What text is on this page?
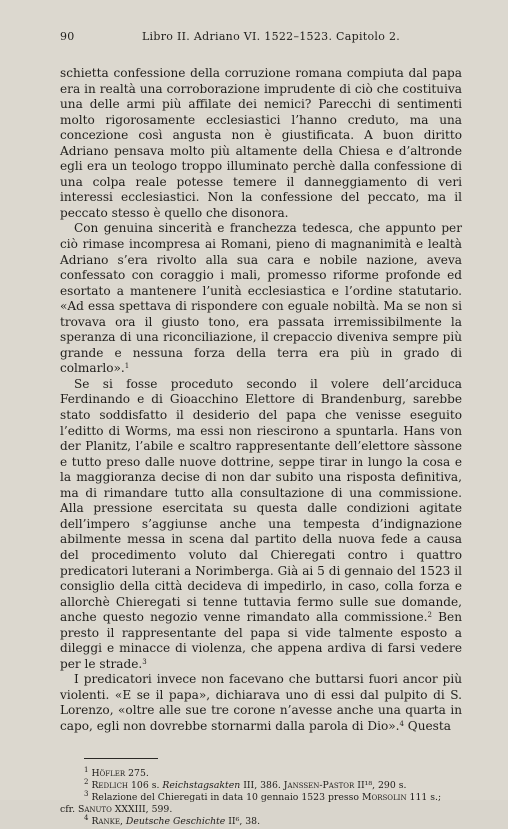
90	Libro II. Adriano VI. 1522–1523. Capitolo 2.

schietta confessione della corruzione romana compiuta dal papa era in realtà una corroborazione imprudente di ciò che costituiva una delle armi più affilate dei nemici? Parecchi di sentimenti molto rigorosamente ecclesiastici l’hanno creduto, ma una concezione così angusta non è giustificata. A buon diritto Adriano pensava molto più altamente della Chiesa e d’altronde egli era un teologo troppo illuminato perchè dalla confessione di una colpa reale potesse temere il danneggiamento di veri interessi ecclesiastici. Non la confessione del peccato, ma il peccato stesso è quello che disonora.

Con genuina sincerità e franchezza tedesca, che appunto per ciò rimase incompresa ai Romani, pieno di magnanimità e lealtà Adriano s’era rivolto alla sua cara e nobile nazione, aveva confessato con coraggio i mali, promesso riforme profonde ed esortato a mantenere l’unità ecclesiastica e l’ordine statutario. «Ad essa spettava di rispondere con eguale nobiltà. Ma se non si trovava ora il giusto tono, era passata irremissibilmente la speranza di una riconciliazione, il crepaccio diveniva sempre più grande e nessuna forza della terra era più in grado di colmarlo».$^1$

Se si fosse proceduto secondo il volere dell’arciduca Ferdinando e di Gioacchino Elettore di Brandenburg, sarebbe stato soddisfatto il desiderio del papa che venisse eseguito l’editto di Worms, ma essi non riescirono a spuntarla. Hans von der Planitz, l’abile e scaltro rappresentante dell’elettore sàssone e tutto preso dalle nuove dottrine, seppe tirar in lungo la cosa e la maggioranza decise di non dar subito una risposta definitiva, ma di rimandare tutto alla consultazione di una commissione. Alla pressione esercitata su questa dalle condizioni agitate dell’impero s’aggiunse anche una tempesta d’indignazione abilmente messa in scena dal partito della nuova fede a causa del procedimento voluto dal Chieregati contro i quattro predicatori luterani a Norimberga. Già ai 5 di gennaio del 1523 il consiglio della città decideva di impedirlo, in caso, colla forza e allorchè Chieregati si tenne tuttavia fermo sulle sue domande, anche questo negozio venne rimandato alla commissione.$^2$ Ben presto il rappresentante del papa si vide talmente esposto a dileggi e minacce di violenza, che appena ardiva di farsi vedere per le strade.$^3$

I predicatori invece non facevano che buttarsi fuori ancor più violenti. «E se il papa», dichiarava uno di essi dal pulpito di S. Lorenzo, «oltre alle sue tre corone n’avesse anche una quarta in capo, egli non dovrebbe stornarmi dalla parola di Dio».$^4$ Questa

$^1$ Höfler 275.
$^2$ Redlich 106 s. Reichstagsakten III, 386. Janssen-Pastor II¹⁸, 290 s.
$^3$ Relazione del Chieregati in data 10 gennaio 1523 presso Morsolin 111 s.;
cfr. Sanuto XXXIII, 599.
$^4$ Ranke, Deutsche Geschichte II⁶, 38.
